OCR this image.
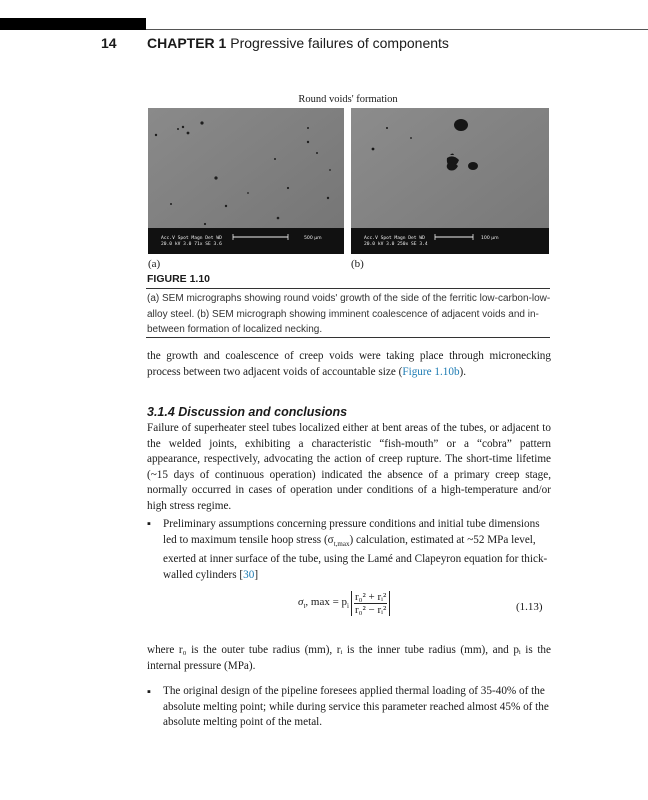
14 CHAPTER 1 Progressive failures of components
Round voids' formation
Acc.V Spot Magn Det WD
20.0 kV 3.0 71x SE 3.6
500 µm	Acc.V Spot Magn Det WD
20.0 kV 3.0 250x SE 3.4
100 µm
(a)	(b)
FIGURE 1.10
(a) SEM micrographs showing round voids' growth of the side of the ferritic low-carbon-low-alloy steel. (b) SEM micrograph showing imminent coalescence of adjacent voids and in-between formation of localized necking.
the growth and coalescence of creep voids were taking place through micronecking process between two adjacent voids of accountable size (Figure 1.10b).
3.1.4 Discussion and conclusions
Failure of superheater steel tubes localized either at bent areas of the tubes, or adjacent to the welded joints, exhibiting a characteristic “fish-mouth” or a “cobra” pattern appearance, respectively, advocating the action of creep rupture. The short-time lifetime (~15 days of continuous operation) indicated the absence of a primary creep stage, normally occurred in cases of operation under conditions of a high-temperature and/or high stress regime.
▪ Preliminary assumptions concerning pressure conditions and initial tube dimensions led to maximum tensile hoop stress $(\sigma_{t,max})$ calculation, estimated at ~52 MPa level, exerted at inner surface of the tube, using the Lamé and Clapeyron equation for thick-walled cylinders [30]
$\sigma_t$, $\max = p_i$
r₀² + rᵢ²
r₀² − rᵢ²	(1.13)
where r₀ is the outer tube radius (mm), rᵢ is the inner tube radius (mm), and pᵢ is the internal pressure (MPa).
▪ The original design of the pipeline foresees applied thermal loading of 35-40% of the absolute melting point; while during service this parameter reached almost 45% of the absolute melting point of the metal.
